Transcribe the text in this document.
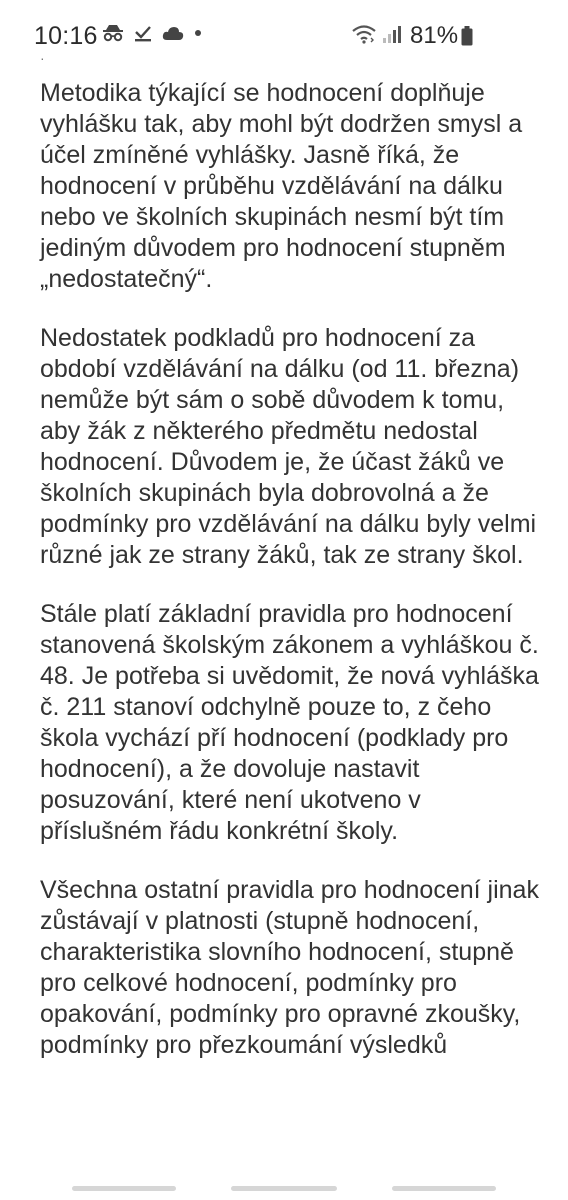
10:16	81%
·

Metodika týkající se hodnocení doplňuje vyhlášku tak, aby mohl být dodržen smysl a účel zmíněné vyhlášky. Jasně říká, že hodnocení v průběhu vzdělávání na dálku nebo ve školních skupinách nesmí být tím jediným důvodem pro hodnocení stupněm „nedostatečný“.

Nedostatek podkladů pro hodnocení za období vzdělávání na dálku (od 11. března) nemůže být sám o sobě důvodem k tomu, aby žák z některého předmětu nedostal hodnocení. Důvodem je, že účast žáků ve školních skupinách byla dobrovolná a že podmínky pro vzdělávání na dálku byly velmi různé jak ze strany žáků, tak ze strany škol.

Stále platí základní pravidla pro hodnocení stanovená školským zákonem a vyhláškou č. 48. Je potřeba si uvědomit, že nová vyhláška č. 211 stanoví odchylně pouze to, z čeho škola vychází pří hodnocení (podklady pro hodnocení), a že dovoluje nastavit posuzování, které není ukotveno v příslušném řádu konkrétní školy.

Všechna ostatní pravidla pro hodnocení jinak zůstávají v platnosti (stupně hodnocení, charakteristika slovního hodnocení, stupně pro celkové hodnocení, podmínky pro opakování, podmínky pro opravné zkoušky, podmínky pro přezkoumání výsledků
